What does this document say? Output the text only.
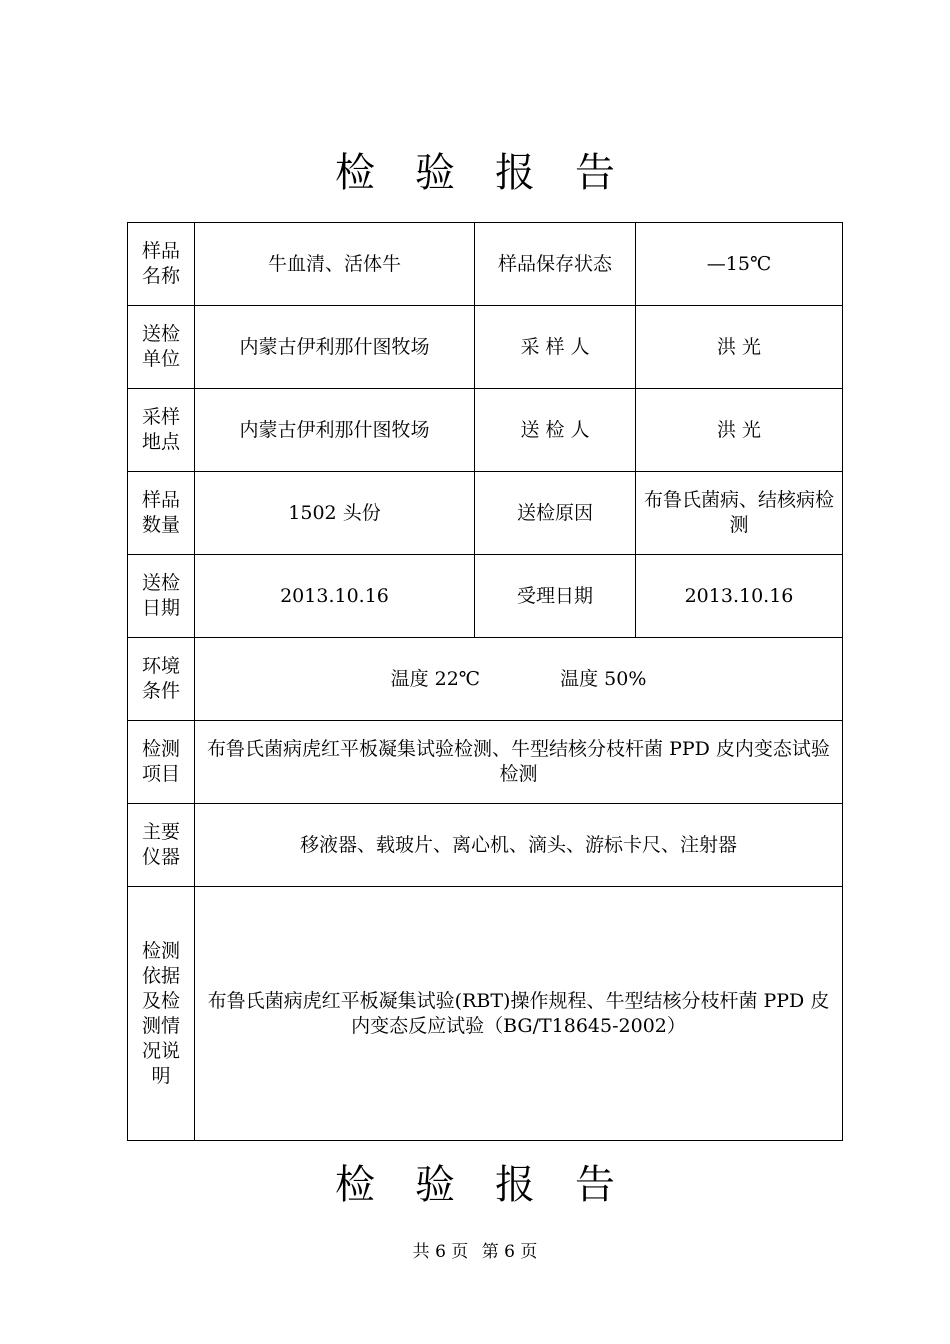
检验报告
样品名称	牛血清、活体牛	样品保存状态	—15℃
送检单位	内蒙古伊利那什图牧场	采 样 人	洪 光
采样地点	内蒙古伊利那什图牧场	送 检 人	洪 光
样品数量	1502 头份	送检原因	布鲁氏菌病、结核病检测
送检日期	2013.10.16	受理日期	2013.10.16
环境条件	温度 22℃ 温度 50%		
检测项目	布鲁氏菌病虎红平板凝集试验检测、牛型结核分枝杆菌 PPD 皮内变态试验检测		
主要仪器	移液器、载玻片、离心机、滴头、游标卡尺、注射器		
检测依据及检测情况说明	布鲁氏菌病虎红平板凝集试验(RBT)操作规程、牛型结核分枝杆菌 PPD 皮内变态反应试验（BG/T18645-2002）		
检验报告
共 6 页 第 6 页
